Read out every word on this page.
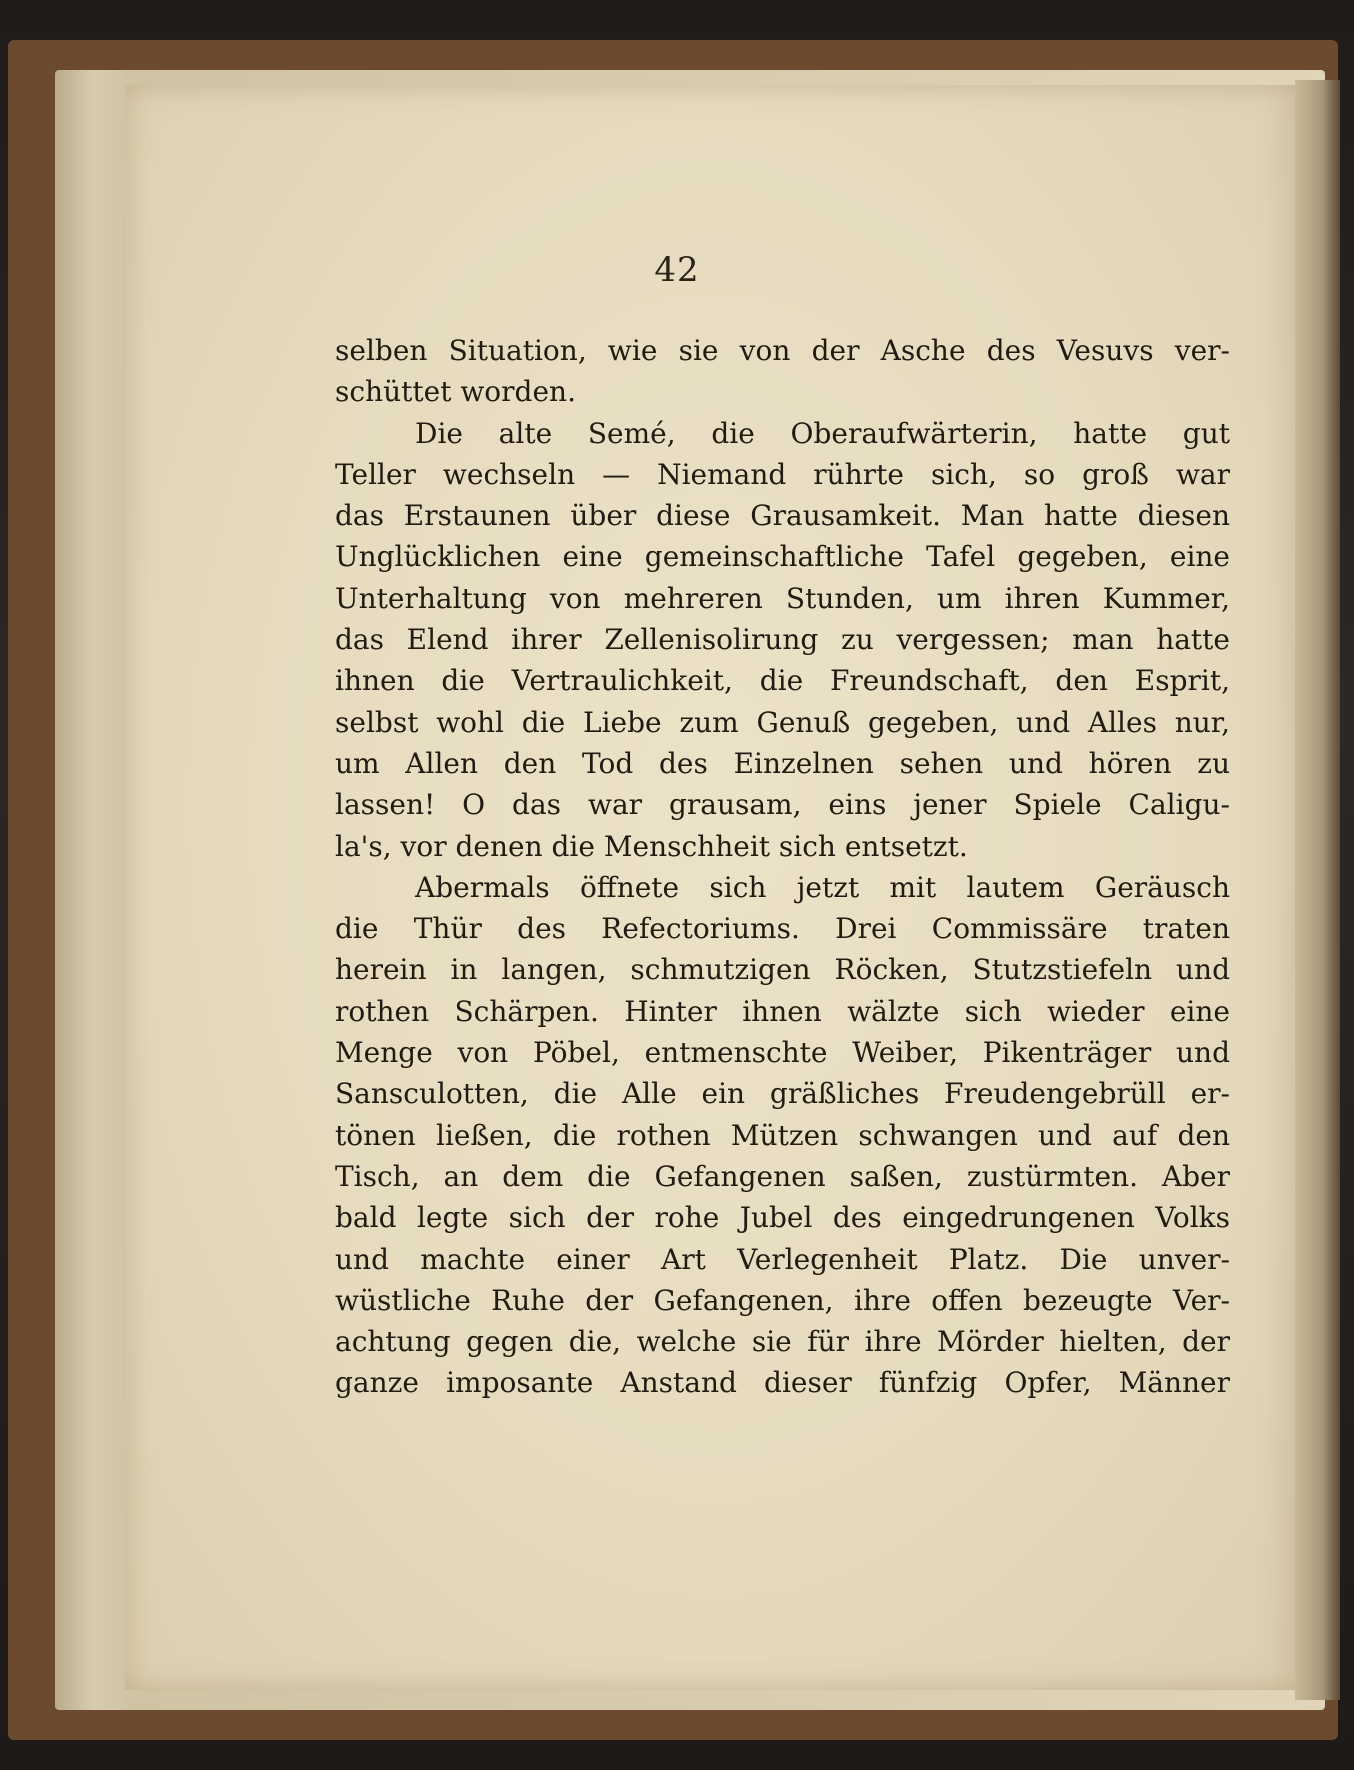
42
selben Situation, wie sie von der Asche des Vesuvs ver-
schüttet worden.
Die alte Semé, die Oberaufwärterin, hatte gut
Teller wechseln — Niemand rührte sich, so groß war
das Erstaunen über diese Grausamkeit. Man hatte diesen
Unglücklichen eine gemeinschaftliche Tafel gegeben, eine
Unterhaltung von mehreren Stunden, um ihren Kummer,
das Elend ihrer Zellenisolirung zu vergessen; man hatte
ihnen die Vertraulichkeit, die Freundschaft, den Esprit,
selbst wohl die Liebe zum Genuß gegeben, und Alles nur,
um Allen den Tod des Einzelnen sehen und hören zu
lassen! O das war grausam, eins jener Spiele Caligu-
la's, vor denen die Menschheit sich entsetzt.
Abermals öffnete sich jetzt mit lautem Geräusch
die Thür des Refectoriums. Drei Commissäre traten
herein in langen, schmutzigen Röcken, Stutzstiefeln und
rothen Schärpen. Hinter ihnen wälzte sich wieder eine
Menge von Pöbel, entmenschte Weiber, Pikenträger und
Sansculotten, die Alle ein gräßliches Freudengebrüll er-
tönen ließen, die rothen Mützen schwangen und auf den
Tisch, an dem die Gefangenen saßen, zustürmten. Aber
bald legte sich der rohe Jubel des eingedrungenen Volks
und machte einer Art Verlegenheit Platz. Die unver-
wüstliche Ruhe der Gefangenen, ihre offen bezeugte Ver-
achtung gegen die, welche sie für ihre Mörder hielten, der
ganze imposante Anstand dieser fünfzig Opfer, Männer
